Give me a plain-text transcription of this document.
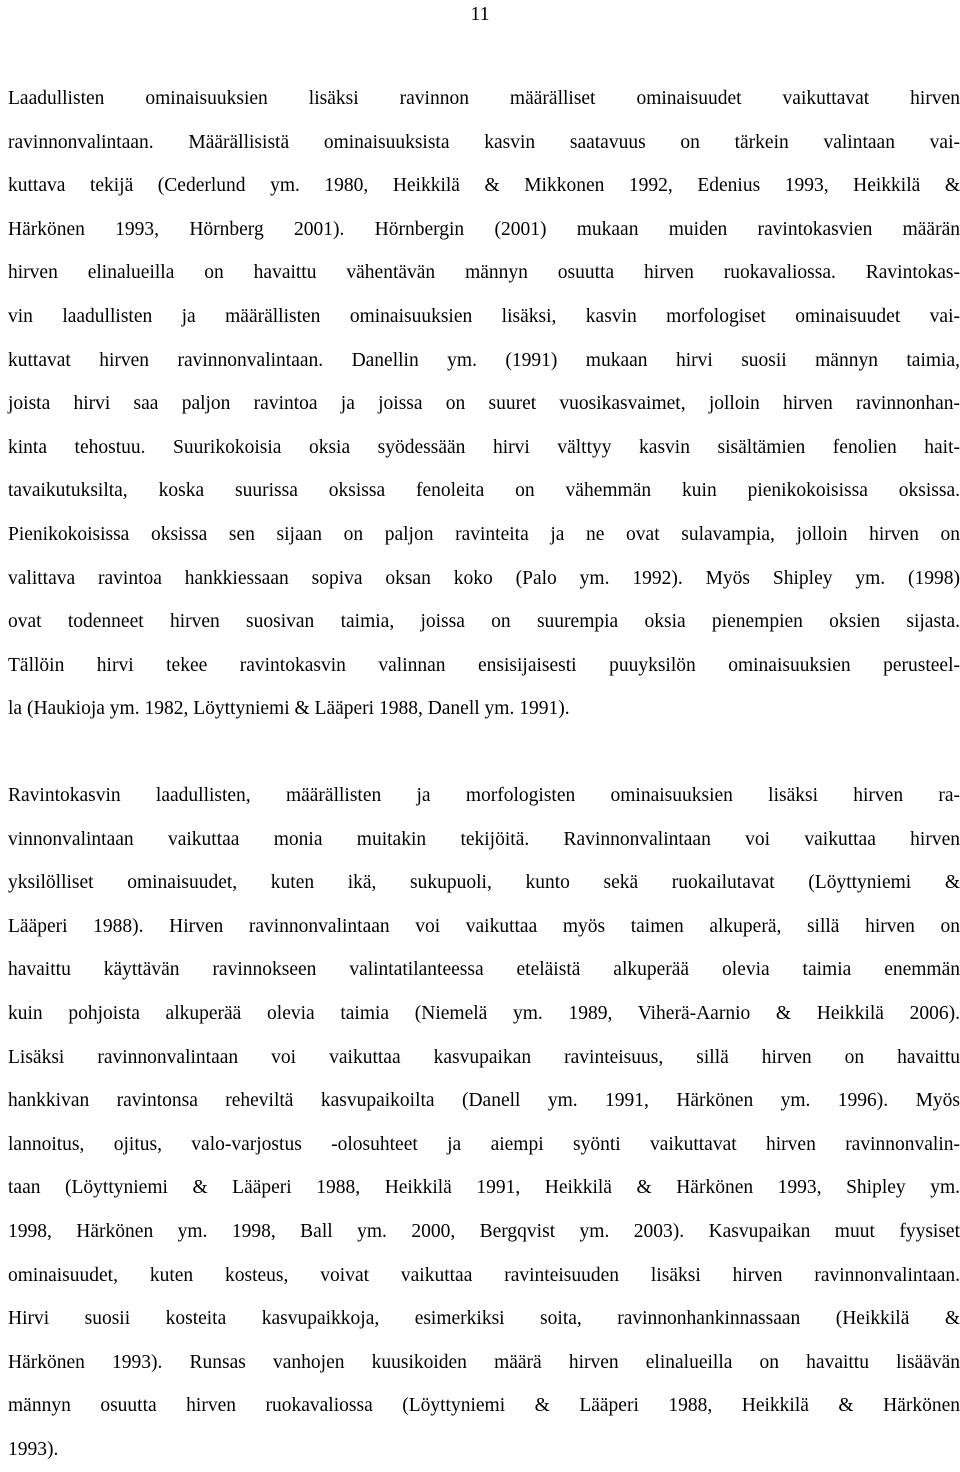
11
Laadullisten ominaisuuksien lisäksi ravinnon määrälliset ominaisuudet vaikuttavat hirven
ravinnonvalintaan. Määrällisistä ominaisuuksista kasvin saatavuus on tärkein valintaan vai-
kuttava tekijä (Cederlund ym. 1980, Heikkilä & Mikkonen 1992, Edenius 1993, Heikkilä &
Härkönen 1993, Hörnberg 2001). Hörnbergin (2001) mukaan muiden ravintokasvien määrän
hirven elinalueilla on havaittu vähentävän männyn osuutta hirven ruokavaliossa. Ravintokas-
vin laadullisten ja määrällisten ominaisuuksien lisäksi, kasvin morfologiset ominaisuudet vai-
kuttavat hirven ravinnonvalintaan. Danellin ym. (1991) mukaan hirvi suosii männyn taimia,
joista hirvi saa paljon ravintoa ja joissa on suuret vuosikasvaimet, jolloin hirven ravinnonhan-
kinta tehostuu. Suurikokoisia oksia syödessään hirvi välttyy kasvin sisältämien fenolien hait-
tavaikutuksilta, koska suurissa oksissa fenoleita on vähemmän kuin pienikokoisissa oksissa.
Pienikokoisissa oksissa sen sijaan on paljon ravinteita ja ne ovat sulavampia, jolloin hirven on
valittava ravintoa hankkiessaan sopiva oksan koko (Palo ym. 1992). Myös Shipley ym. (1998)
ovat todenneet hirven suosivan taimia, joissa on suurempia oksia pienempien oksien sijasta.
Tällöin hirvi tekee ravintokasvin valinnan ensisijaisesti puuyksilön ominaisuuksien perusteel-
la (Haukioja ym. 1982, Löyttyniemi & Lääperi 1988, Danell ym. 1991).
Ravintokasvin laadullisten, määrällisten ja morfologisten ominaisuuksien lisäksi hirven ra-
vinnonvalintaan vaikuttaa monia muitakin tekijöitä. Ravinnonvalintaan voi vaikuttaa hirven
yksilölliset ominaisuudet, kuten ikä, sukupuoli, kunto sekä ruokailutavat (Löyttyniemi &
Lääperi 1988). Hirven ravinnonvalintaan voi vaikuttaa myös taimen alkuperä, sillä hirven on
havaittu käyttävän ravinnokseen valintatilanteessa eteläistä alkuperää olevia taimia enemmän
kuin pohjoista alkuperää olevia taimia (Niemelä ym. 1989, Viherä-Aarnio & Heikkilä 2006).
Lisäksi ravinnonvalintaan voi vaikuttaa kasvupaikan ravinteisuus, sillä hirven on havaittu
hankkivan ravintonsa reheviltä kasvupaikoilta (Danell ym. 1991, Härkönen ym. 1996). Myös
lannoitus, ojitus, valo-varjostus -olosuhteet ja aiempi syönti vaikuttavat hirven ravinnonvalin-
taan (Löyttyniemi & Lääperi 1988, Heikkilä 1991, Heikkilä & Härkönen 1993, Shipley ym.
1998, Härkönen ym. 1998, Ball ym. 2000, Bergqvist ym. 2003). Kasvupaikan muut fyysiset
ominaisuudet, kuten kosteus, voivat vaikuttaa ravinteisuuden lisäksi hirven ravinnonvalintaan.
Hirvi suosii kosteita kasvupaikkoja, esimerkiksi soita, ravinnonhankinnassaan (Heikkilä &
Härkönen 1993). Runsas vanhojen kuusikoiden määrä hirven elinalueilla on havaittu lisäävän
männyn osuutta hirven ruokavaliossa (Löyttyniemi & Lääperi 1988, Heikkilä & Härkönen
1993).
